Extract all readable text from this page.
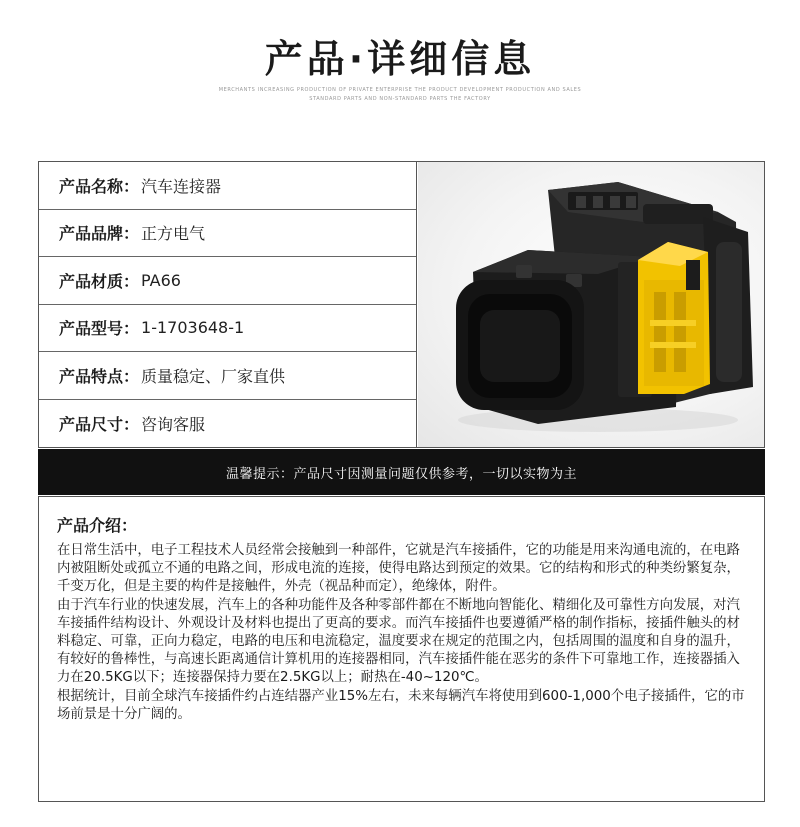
产品·详细信息
MERCHANTS INCREASING PRODUCTION OF PRIVATE ENTERPRISE THE PRODUCT DEVELOPMENT PRODUCTION AND SALES
STANDARD PARTS AND NON-STANDARD PARTS THE FACTORY
产品名称： 汽车连接器
产品品牌： 正方电气
产品材质： PA66
产品型号： 1-1703648-1
产品特点： 质量稳定、厂家直供
产品尺寸： 咨询客服
温馨提示：产品尺寸因测量问题仅供参考，一切以实物为主
产品介绍：
在日常生活中，电子工程技术人员经常会接触到一种部件，它就是汽车接插件，它的功能是用来沟通电流的，在电路内被阻断处或孤立不通的电路之间，形成电流的连接，使得电路达到预定的效果。它的结构和形式的种类纷繁复杂，千变万化，但是主要的构件是接触件，外壳（视品种而定），绝缘体，附件。
由于汽车行业的快速发展，汽车上的各种功能件及各种零部件都在不断地向智能化、精细化及可靠性方向发展，对汽车接插件结构设计、外观设计及材料也提出了更高的要求。而汽车接插件也要遵循严格的制作指标，接插件触头的材料稳定、可靠，正向力稳定，电路的电压和电流稳定，温度要求在规定的范围之内，包括周围的温度和自身的温升，有较好的鲁棒性，与高速长距离通信计算机用的连接器相同，汽车接插件能在恶劣的条件下可靠地工作，连接器插入力在20.5KG以下；连接器保持力要在2.5KG以上；耐热在-40~120℃。
根据统计，目前全球汽车接插件约占连结器产业15%左右，未来每辆汽车将使用到600-1,000个电子接插件，它的市场前景是十分广阔的。
